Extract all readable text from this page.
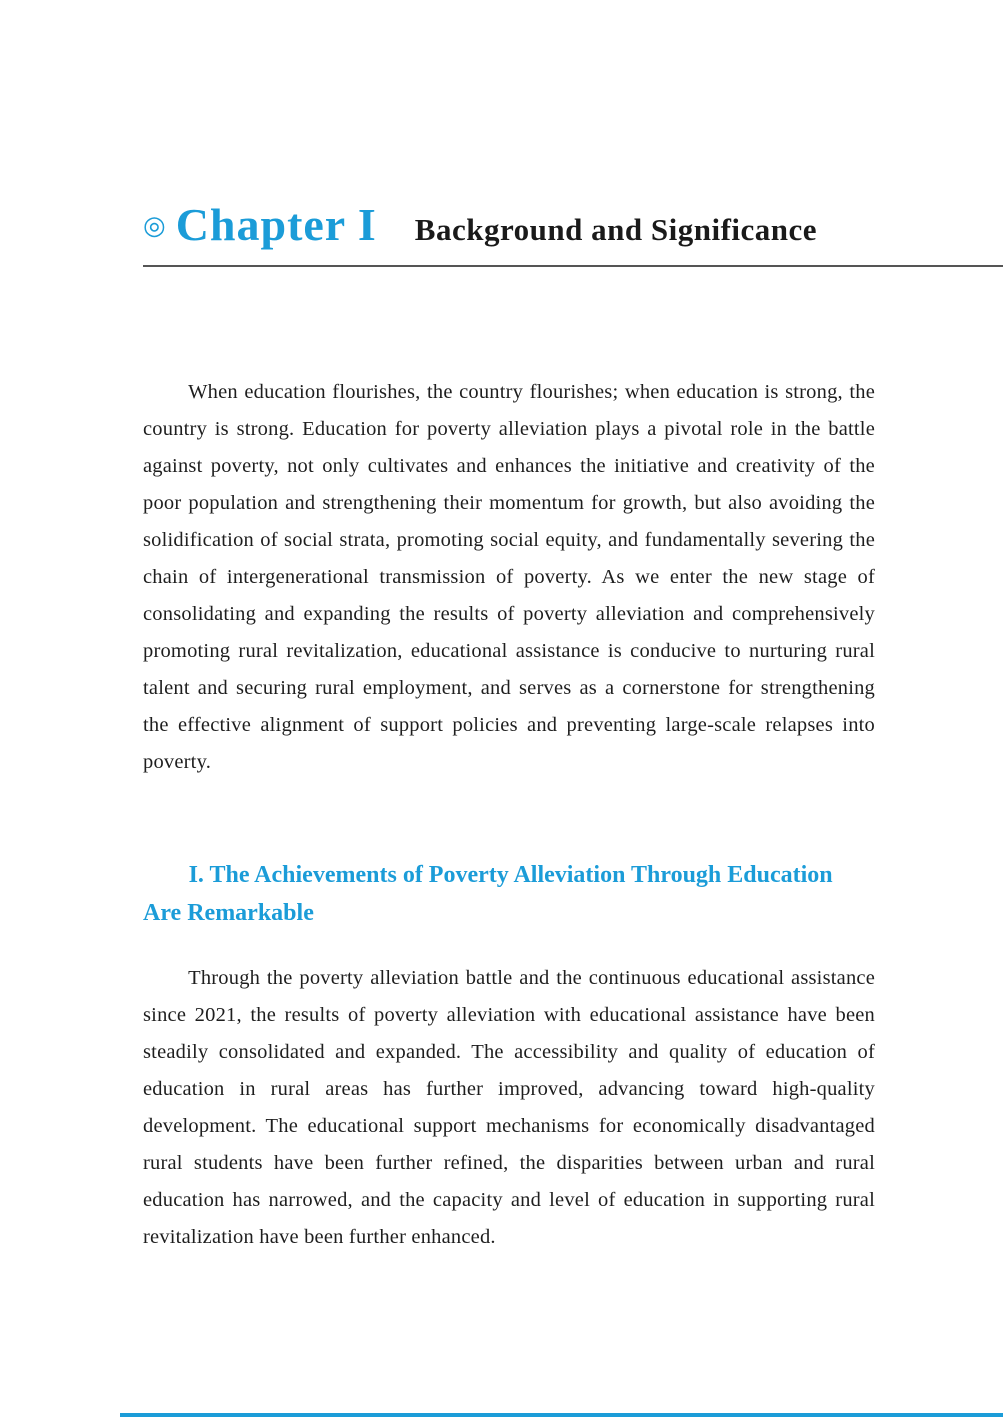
◎ Chapter I Background and Significance

When education flourishes, the country flourishes; when education is strong, the country is strong. Education for poverty alleviation plays a pivotal role in the battle against poverty, not only cultivates and enhances the initiative and creativity of the poor population and strengthening their momentum for growth, but also avoiding the solidification of social strata, promoting social equity, and fundamentally severing the chain of intergenerational transmission of poverty. As we enter the new stage of consolidating and expanding the results of poverty alleviation and comprehensively promoting rural revitalization, educational assistance is conducive to nurturing rural talent and securing rural employment, and serves as a cornerstone for strengthening the effective alignment of support policies and preventing large-scale relapses into poverty.

I. The Achievements of Poverty Alleviation Through Education Are Remarkable

Through the poverty alleviation battle and the continuous educational assistance since 2021, the results of poverty alleviation with educational assistance have been steadily consolidated and expanded. The accessibility and quality of education of education in rural areas has further improved, advancing toward high-quality development. The educational support mechanisms for economically disadvantaged rural students have been further refined, the disparities between urban and rural education has narrowed, and the capacity and level of education in supporting rural revitalization have been further enhanced.
